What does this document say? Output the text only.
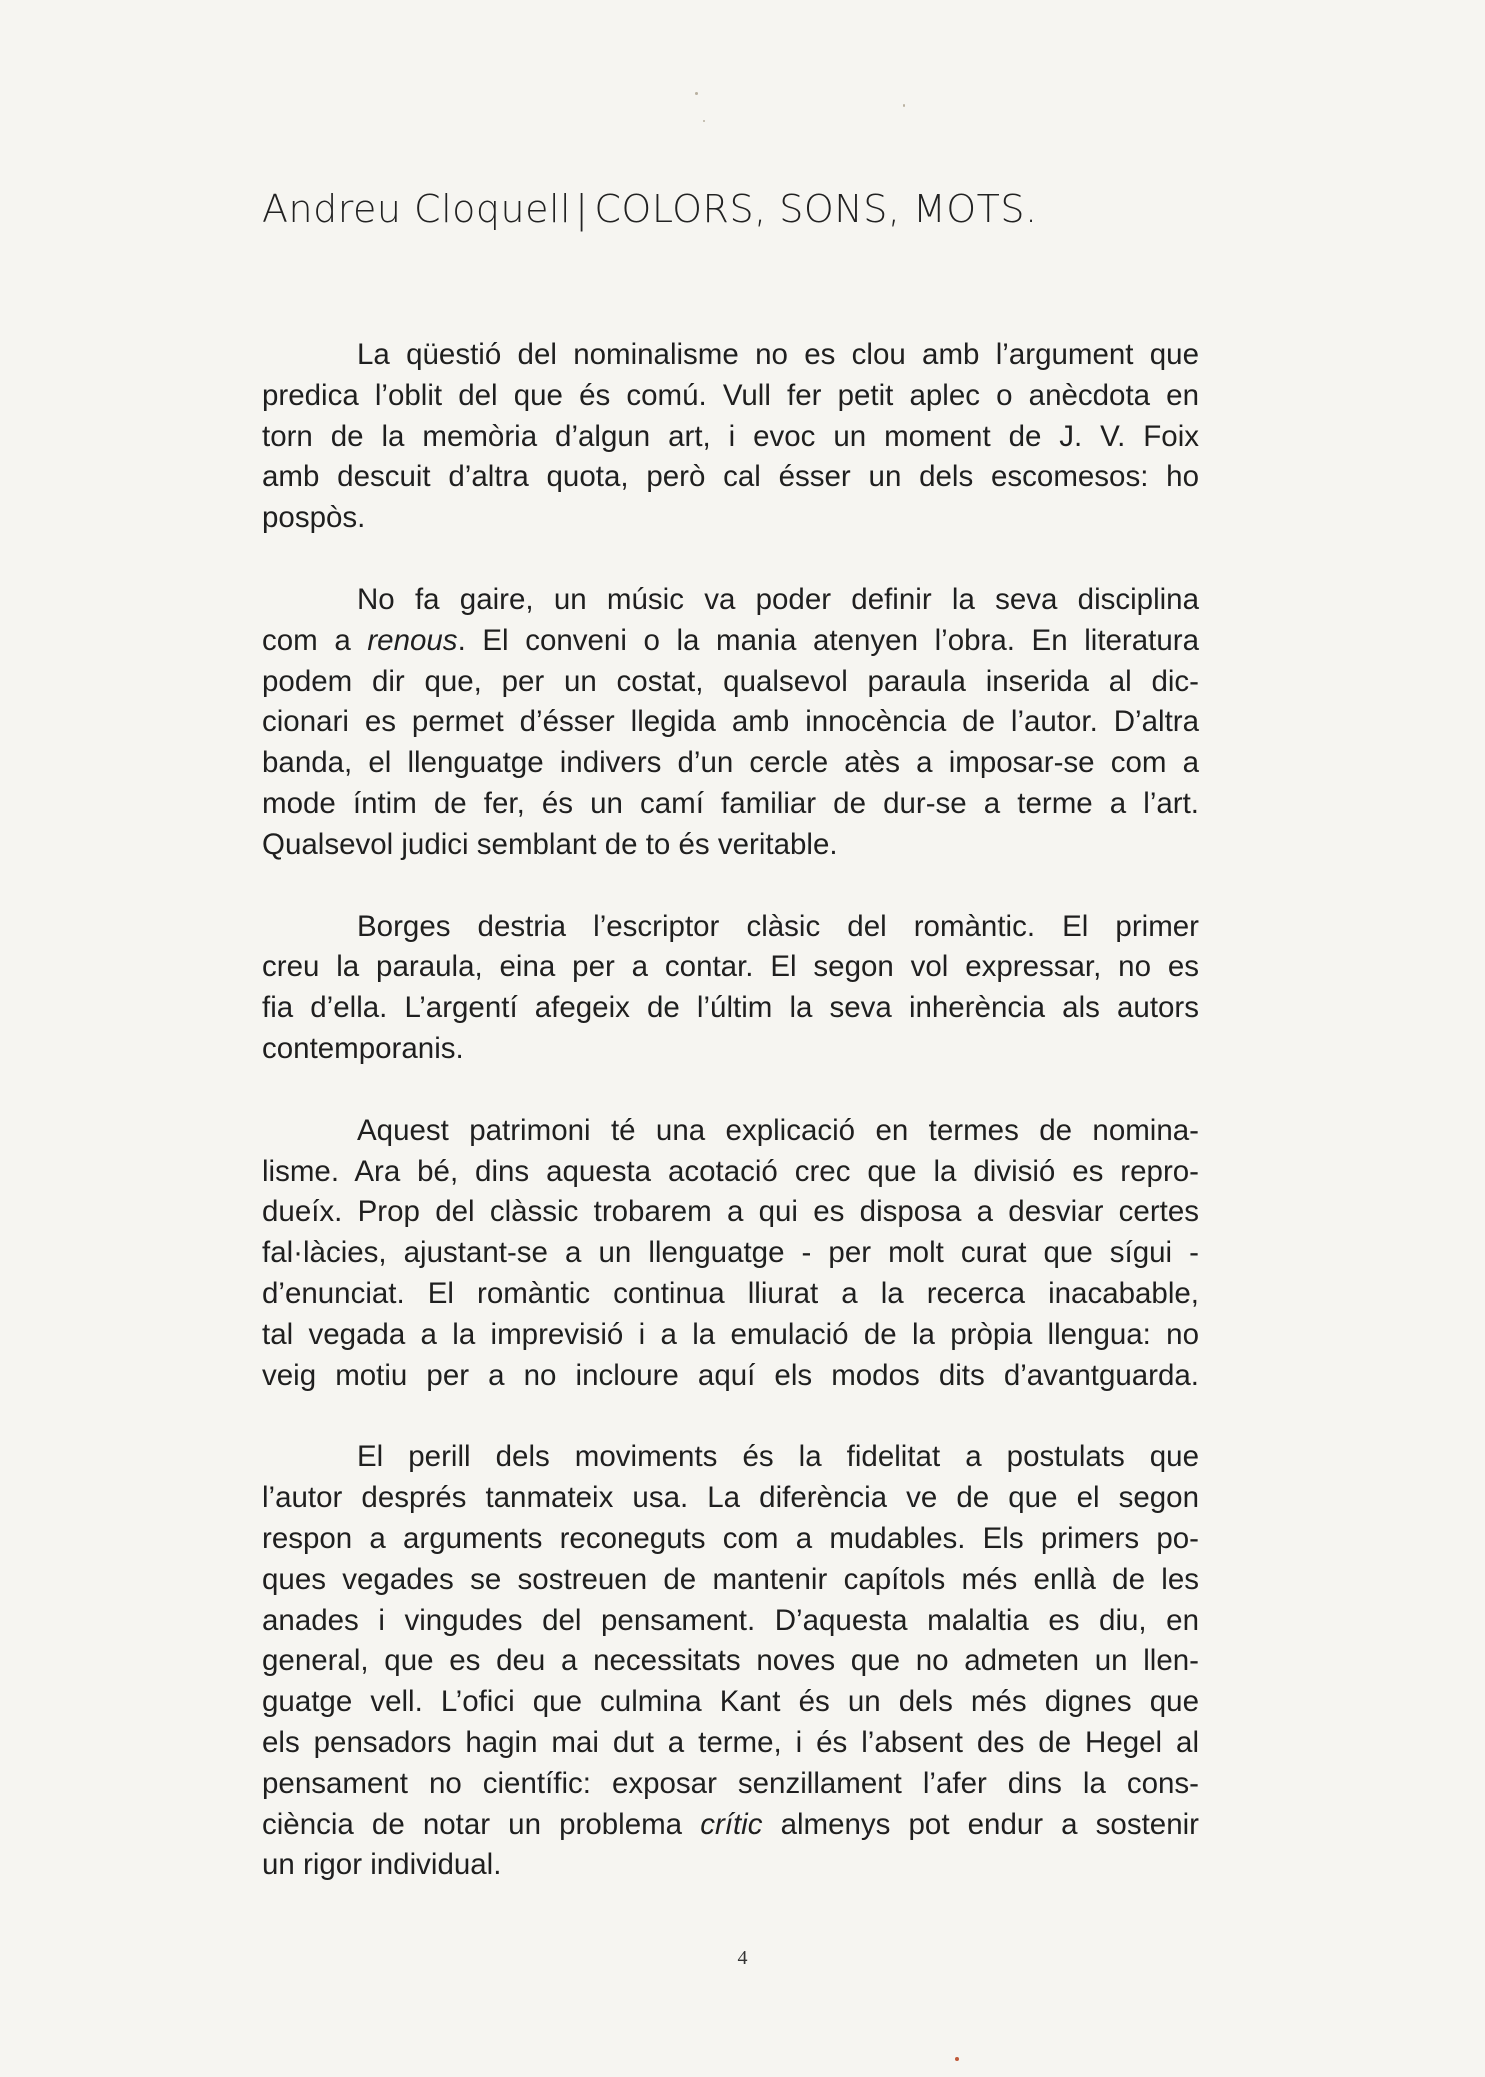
Andreu Cloquell | COLORS, SONS, MOTS.
La qüestió del nominalisme no es clou amb l’argument que
predica l’oblit del que és comú. Vull fer petit aplec o anècdota en
torn de la memòria d’algun art, i evoc un moment de J. V. Foix
amb descuit d’altra quota, però cal ésser un dels escomesos: ho
pospòs.
No fa gaire, un músic va poder definir la seva disciplina
com a renous. El conveni o la mania atenyen l’obra. En literatura
podem dir que, per un costat, qualsevol paraula inserida al dic-
cionari es permet d’ésser llegida amb innocència de l’autor. D’altra
banda, el llenguatge indivers d’un cercle atès a imposar-se com a
mode íntim de fer, és un camí familiar de dur-se a terme a l’art.
Qualsevol judici semblant de to és veritable.
Borges destria l’escriptor clàsic del romàntic. El primer
creu la paraula, eina per a contar. El segon vol expressar, no es
fia d’ella. L’argentí afegeix de l’últim la seva inherència als autors
contemporanis.
Aquest patrimoni té una explicació en termes de nomina-
lisme. Ara bé, dins aquesta acotació crec que la divisió es repro-
dueíx. Prop del clàssic trobarem a qui es disposa a desviar certes
fal·làcies, ajustant-se a un llenguatge - per molt curat que sígui -
d’enunciat. El romàntic continua lliurat a la recerca inacabable,
tal vegada a la imprevisió i a la emulació de la pròpia llengua: no
veig motiu per a no incloure aquí els modos dits d’avantguarda.
El perill dels moviments és la fidelitat a postulats que
l’autor després tanmateix usa. La diferència ve de que el segon
respon a arguments reconeguts com a mudables. Els primers po-
ques vegades se sostreuen de mantenir capítols més enllà de les
anades i vingudes del pensament. D’aquesta malaltia es diu, en
general, que es deu a necessitats noves que no admeten un llen-
guatge vell. L’ofici que culmina Kant és un dels més dignes que
els pensadors hagin mai dut a terme, i és l’absent des de Hegel al
pensament no científic: exposar senzillament l’afer dins la cons-
ciència de notar un problema crític almenys pot endur a sostenir
un rigor individual.
4
